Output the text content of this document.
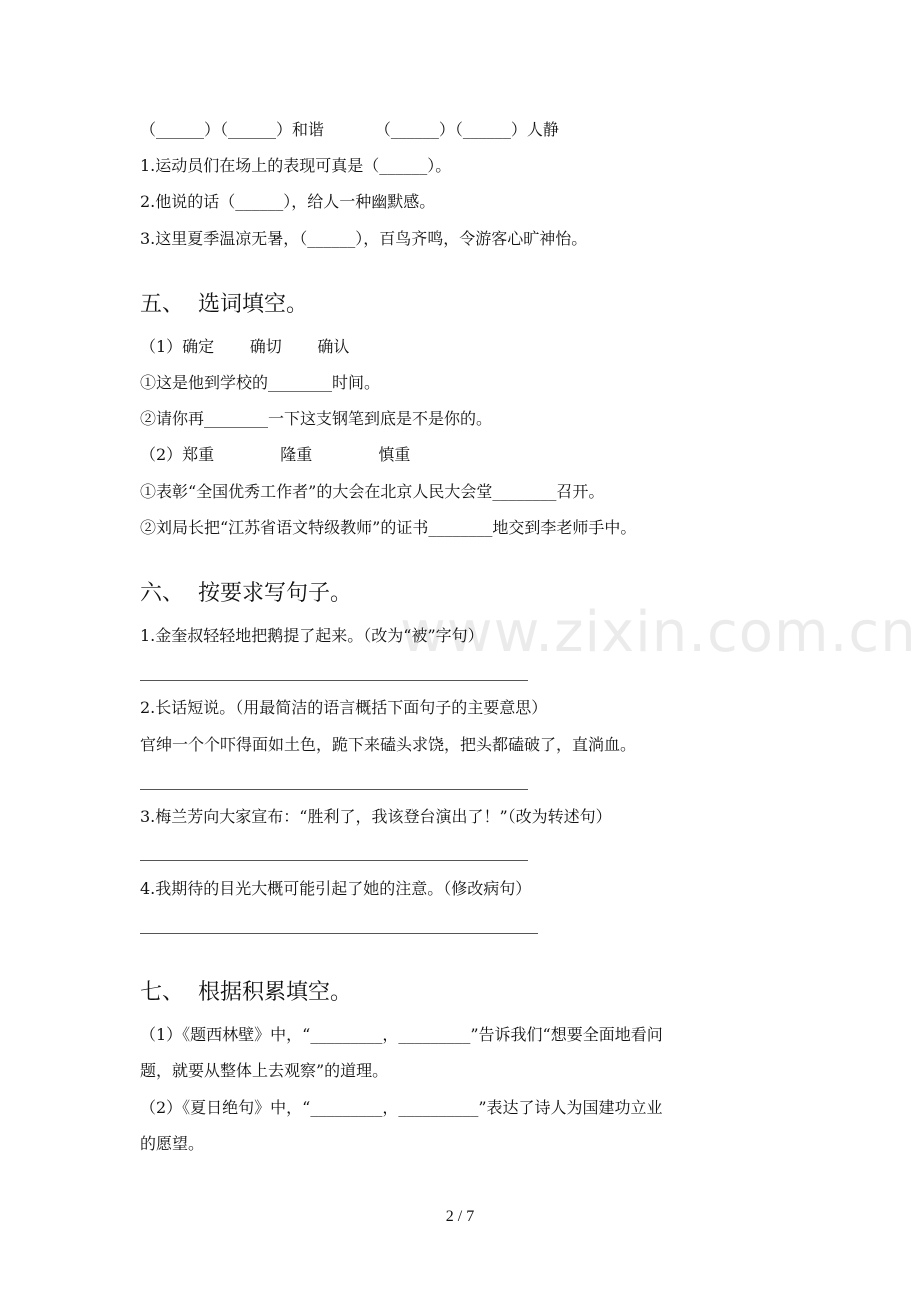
（______）（______）和谐          （______）（______）人静
1.运动员们在场上的表现可真是（______）。
2.他说的话（______），给人一种幽默感。
3.这里夏季温凉无暑，（______），百鸟齐鸣，令游客心旷神怡。
五、  选词填空。
（1）确定       确切       确认
①这是他到学校的________时间。
②请你再________一下这支钢笔到底是不是你的。
（2）郑重             隆重             慎重
①表彰“全国优秀工作者”的大会在北京人民大会堂________召开。
②刘局长把“江苏省语文特级教师”的证书________地交到李老师手中。
六、  按要求写句子。
1.金奎叔轻轻地把鹅提了起来。（改为“被”字句）
2.长话短说。（用最简洁的语言概括下面句子的主要意思）
官绅一个个吓得面如土色，跪下来磕头求饶，把头都磕破了，直淌血。
3.梅兰芳向大家宣布：“胜利了，我该登台演出了！”（改为转述句）
4.我期待的目光大概可能引起了她的注意。（修改病句）
七、  根据积累填空。
（1）《题西林壁》中，“_________，_________”告诉我们“想要全面地看问
题，就要从整体上去观察”的道理。
（2）《夏日绝句》中，“_________，__________”表达了诗人为国建功立业
的愿望。
www.zixin.com.cn
2 / 7
